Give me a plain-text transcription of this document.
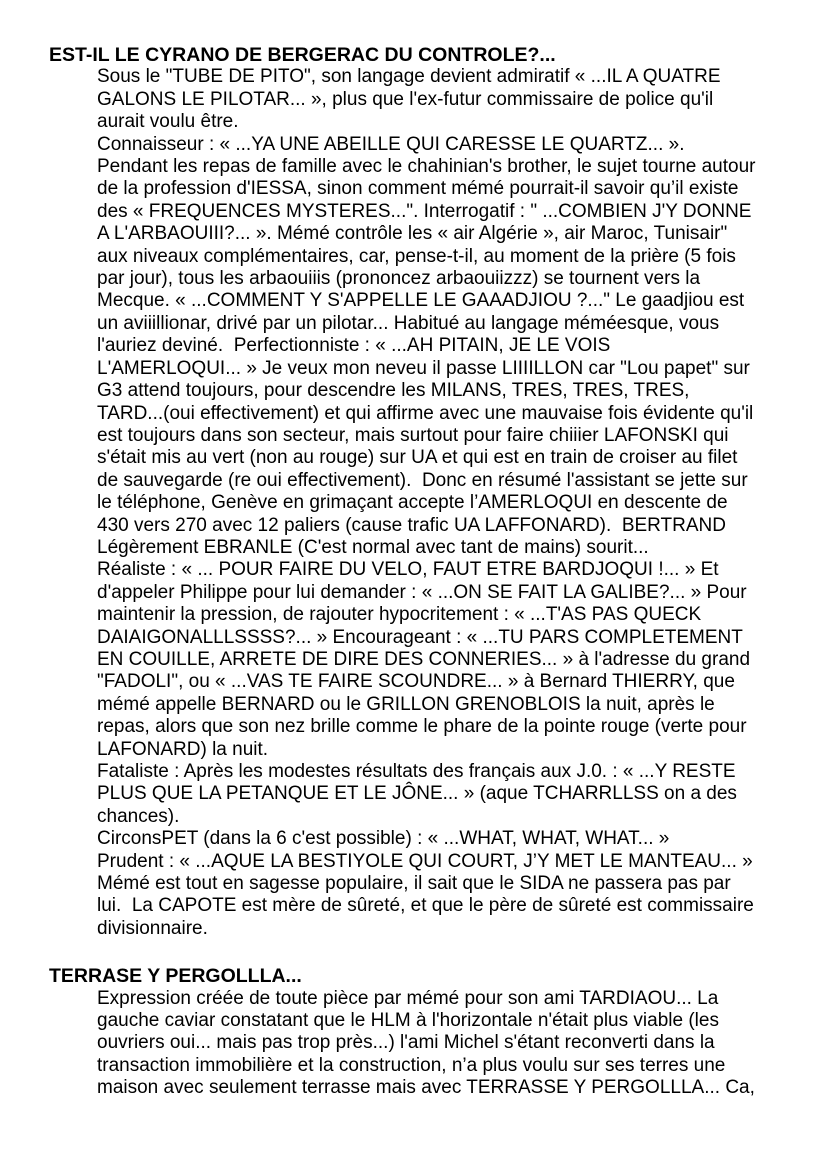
EST-IL LE CYRANO DE BERGERAC DU CONTROLE?...
Sous le "TUBE DE PITO", son langage devient admiratif « ...IL A QUATRE
GALONS LE PILOTAR... », plus que l'ex-futur commissaire de police qu'il
aurait voulu être.
Connaisseur : « ...YA UNE ABEILLE QUI CARESSE LE QUARTZ... ».
Pendant les repas de famille avec le chahinian's brother, le sujet tourne autour
de la profession d'IESSA, sinon comment mémé pourrait-il savoir qu’il existe
des « FREQUENCES MYSTERES...". Interrogatif : " ...COMBIEN J'Y DONNE
A L'ARBAOUIII?... ». Mémé contrôle les « air Algérie », air Maroc, Tunisair"
aux niveaux complémentaires, car, pense-t-il, au moment de la prière (5 fois
par jour), tous les arbaouiiis (prononcez arbaouiizzz) se tournent vers la
Mecque. « ...COMMENT Y S'APPELLE LE GAAADJIOU ?..." Le gaadjiou est
un aviiillionar, drivé par un pilotar... Habitué au langage méméesque, vous
l'auriez deviné.  Perfectionniste : « ...AH PITAIN, JE LE VOIS
L'AMERLOQUI... » Je veux mon neveu il passe LIIIILLON car "Lou papet" sur
G3 attend toujours, pour descendre les MILANS, TRES, TRES, TRES,
TARD...(oui effectivement) et qui affirme avec une mauvaise fois évidente qu'il
est toujours dans son secteur, mais surtout pour faire chiiier LAFONSKI qui
s'était mis au vert (non au rouge) sur UA et qui est en train de croiser au filet
de sauvegarde (re oui effectivement).  Donc en résumé l'assistant se jette sur
le téléphone, Genève en grimaçant accepte l’AMERLOQUI en descente de
430 vers 270 avec 12 paliers (cause trafic UA LAFFONARD).  BERTRAND
Légèrement EBRANLE (C'est normal avec tant de mains) sourit...
Réaliste : « ... POUR FAIRE DU VELO, FAUT ETRE BARDJOQUI !... » Et
d'appeler Philippe pour lui demander : « ...ON SE FAIT LA GALIBE?... » Pour
maintenir la pression, de rajouter hypocritement : « ...T'AS PAS QUECK
DAIAIGONALLLSSSS?... » Encourageant : « ...TU PARS COMPLETEMENT
EN COUILLE, ARRETE DE DIRE DES CONNERIES... » à l'adresse du grand
"FADOLI", ou « ...VAS TE FAIRE SCOUNDRE... » à Bernard THIERRY, que
mémé appelle BERNARD ou le GRILLON GRENOBLOIS la nuit, après le
repas, alors que son nez brille comme le phare de la pointe rouge (verte pour
LAFONARD) la nuit.
Fataliste : Après les modestes résultats des français aux J.0. : « ...Y RESTE
PLUS QUE LA PETANQUE ET LE JÔNE... » (aque TCHARRLLSS on a des
chances).
CirconsPET (dans la 6 c'est possible) : « ...WHAT, WHAT, WHAT... »
Prudent : « ...AQUE LA BESTIYOLE QUI COURT, J’Y MET LE MANTEAU... »
Mémé est tout en sagesse populaire, il sait que le SIDA ne passera pas par
lui.  La CAPOTE est mère de sûreté, et que le père de sûreté est commissaire
divisionnaire.
TERRASE Y PERGOLLLA...
Expression créée de toute pièce par mémé pour son ami TARDIAOU... La
gauche caviar constatant que le HLM à l'horizontale n'était plus viable (les
ouvriers oui... mais pas trop près...) l'ami Michel s'étant reconverti dans la
transaction immobilière et la construction, n’a plus voulu sur ses terres une
maison avec seulement terrasse mais avec TERRASSE Y PERGOLLLA... Ca,
